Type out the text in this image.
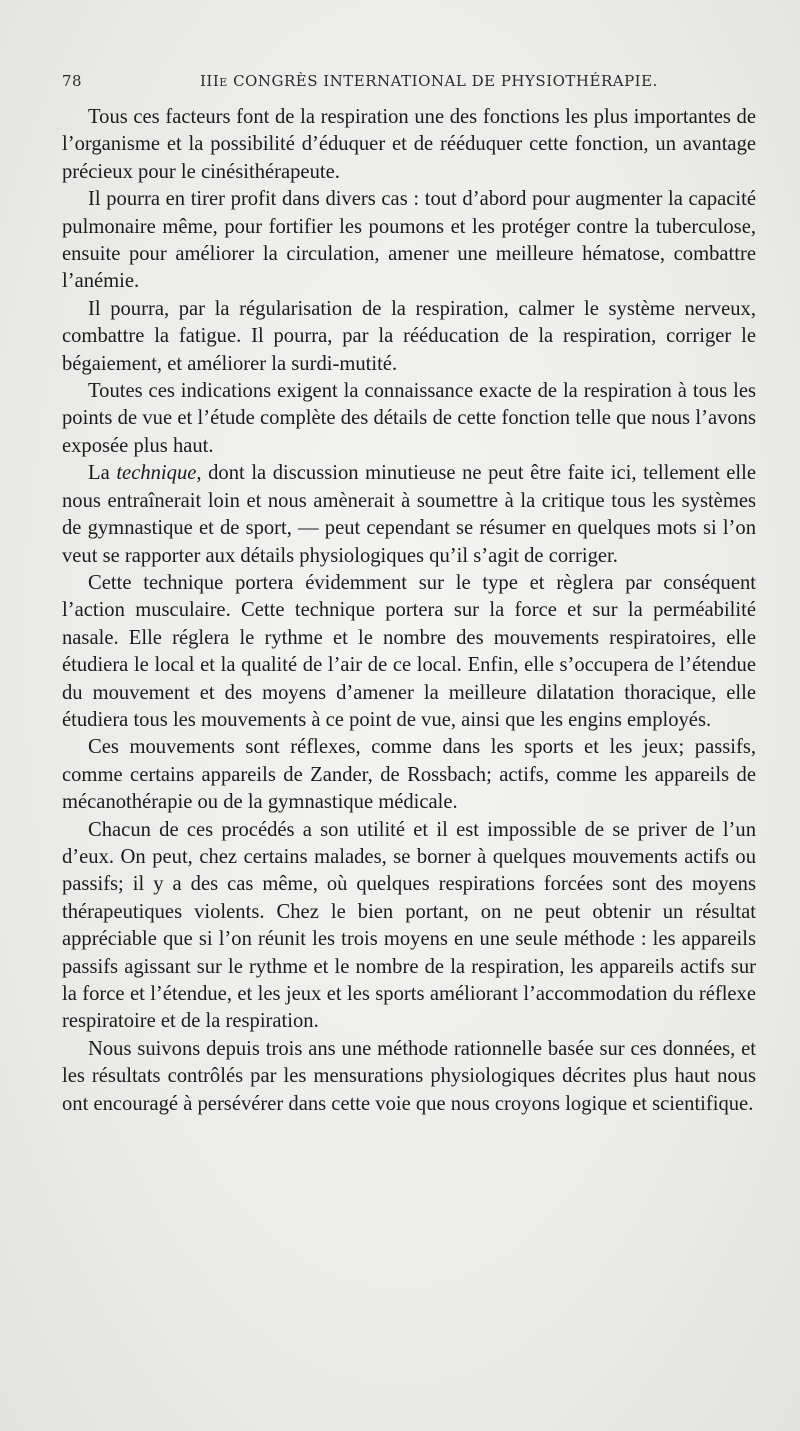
78	IIIe CONGRÈS INTERNATIONAL DE PHYSIOTHÉRAPIE.

Tous ces facteurs font de la respiration une des fonctions les plus importantes de l’organisme et la possibilité d’éduquer et de rééduquer cette fonction, un avantage précieux pour le cinésithérapeute.

Il pourra en tirer profit dans divers cas : tout d’abord pour augmenter la capacité pulmonaire même, pour fortifier les poumons et les protéger contre la tuberculose, ensuite pour améliorer la circulation, amener une meilleure hématose, combattre l’anémie.

Il pourra, par la régularisation de la respiration, calmer le système nerveux, combattre la fatigue. Il pourra, par la rééducation de la respiration, corriger le bégaiement, et améliorer la surdi-mutité.

Toutes ces indications exigent la connaissance exacte de la respiration à tous les points de vue et l’étude complète des détails de cette fonction telle que nous l’avons exposée plus haut.

La technique, dont la discussion minutieuse ne peut être faite ici, tellement elle nous entraînerait loin et nous amènerait à soumettre à la critique tous les systèmes de gymnastique et de sport, — peut cependant se résumer en quelques mots si l’on veut se rapporter aux détails physiologiques qu’il s’agit de corriger.

Cette technique portera évidemment sur le type et règlera par conséquent l’action musculaire. Cette technique portera sur la force et sur la perméabilité nasale. Elle réglera le rythme et le nombre des mouvements respiratoires, elle étudiera le local et la qualité de l’air de ce local. Enfin, elle s’occupera de l’étendue du mouvement et des moyens d’amener la meilleure dilatation thoracique, elle étudiera tous les mouvements à ce point de vue, ainsi que les engins employés.

Ces mouvements sont réflexes, comme dans les sports et les jeux; passifs, comme certains appareils de Zander, de Rossbach; actifs, comme les appareils de mécanothérapie ou de la gymnastique médicale.

Chacun de ces procédés a son utilité et il est impossible de se priver de l’un d’eux. On peut, chez certains malades, se borner à quelques mouvements actifs ou passifs; il y a des cas même, où quelques respirations forcées sont des moyens thérapeutiques violents. Chez le bien portant, on ne peut obtenir un résultat appréciable que si l’on réunit les trois moyens en une seule méthode : les appareils passifs agissant sur le rythme et le nombre de la respiration, les appareils actifs sur la force et l’étendue, et les jeux et les sports améliorant l’accommodation du réflexe respiratoire et de la respiration.

Nous suivons depuis trois ans une méthode rationnelle basée sur ces données, et les résultats contrôlés par les mensurations physiologiques décrites plus haut nous ont encouragé à persévérer dans cette voie que nous croyons logique et scientifique.
